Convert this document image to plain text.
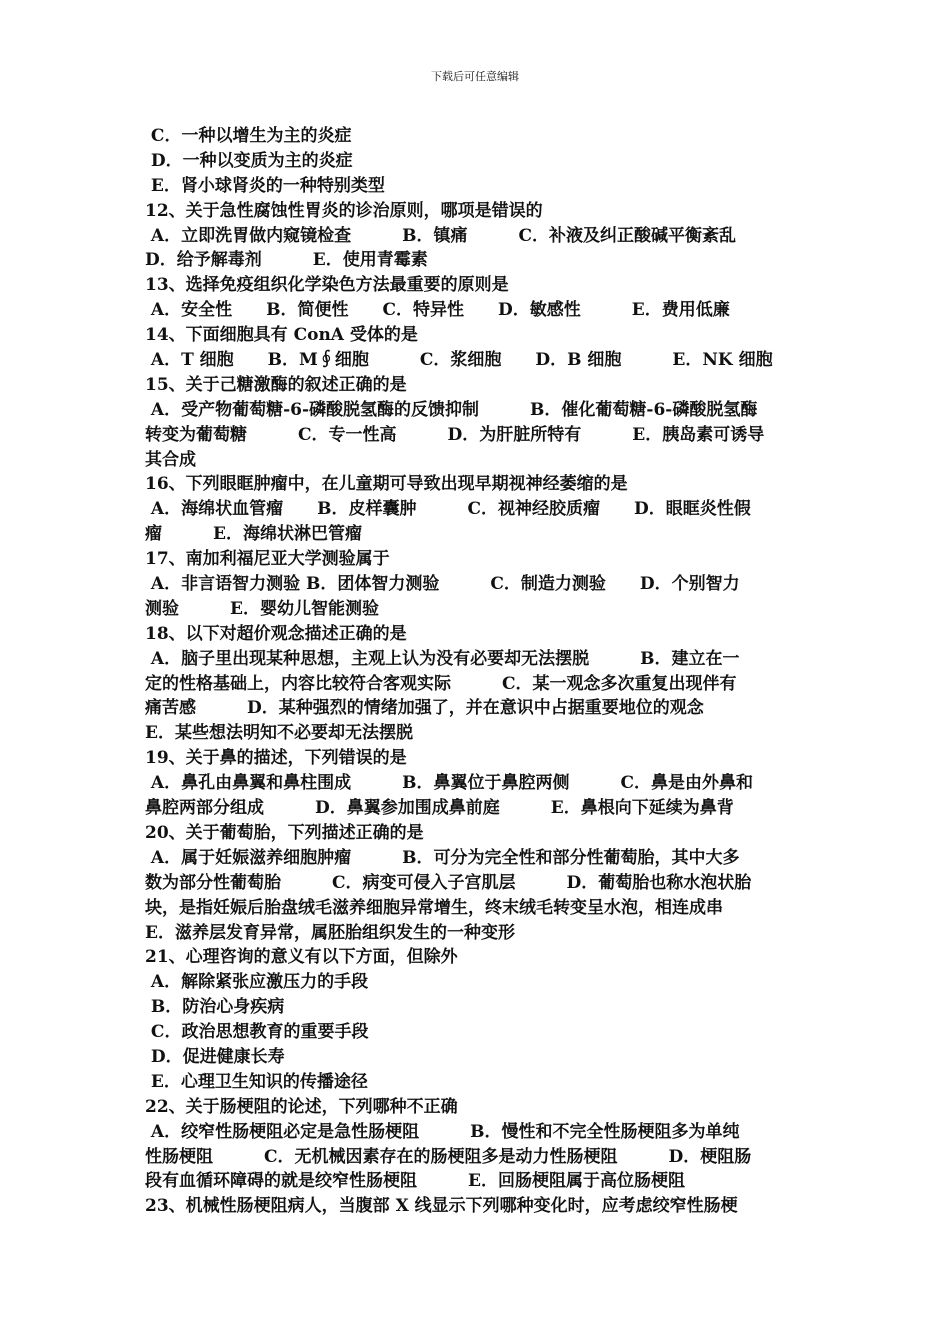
下载后可任意编辑
C．一种以增生为主的炎症
D．一种以变质为主的炎症
E．肾小球肾炎的一种特别类型
12、关于急性腐蚀性胃炎的诊治原则，哪项是错误的
A．立即洗胃做内窥镜检查　　　B．镇痛　　　C．补液及纠正酸碱平衡紊乱
D．给予解毒剂　　　E．使用青霉素
13、选择免疫组织化学染色方法最重要的原则是
A．安全性　　B．简便性　　C．特异性　　D．敏感性　　　E．费用低廉
14、下面细胞具有 ConA 受体的是
A．T 细胞　　B．M∮细胞　　　C．浆细胞　　D．B 细胞　　　E．NK 细胞
15、关于己糖激酶的叙述正确的是
A．受产物葡萄糖-6-磷酸脱氢酶的反馈抑制　　　B．催化葡萄糖-6-磷酸脱氢酶
转变为葡萄糖　　　C．专一性高　　　D．为肝脏所特有　　　E．胰岛素可诱导
其合成
16、下列眼眶肿瘤中，在儿童期可导致出现早期视神经萎缩的是
A．海绵状血管瘤　　B．皮样囊肿　　　C．视神经胶质瘤　　D．眼眶炎性假
瘤　　　E．海绵状淋巴管瘤
17、南加利福尼亚大学测验属于
A．非言语智力测验 B．团体智力测验　　　C．制造力测验　　D．个别智力
测验　　　E．婴幼儿智能测验
18、以下对超价观念描述正确的是
A．脑子里出现某种思想，主观上认为没有必要却无法摆脱　　　B．建立在一
定的性格基础上，内容比较符合客观实际　　　C．某一观念多次重复出现伴有
痛苦感　　　D．某种强烈的情绪加强了，并在意识中占据重要地位的观念
E．某些想法明知不必要却无法摆脱
19、关于鼻的描述，下列错误的是
A．鼻孔由鼻翼和鼻柱围成　　　B．鼻翼位于鼻腔两侧　　　C．鼻是由外鼻和
鼻腔两部分组成　　　D．鼻翼参加围成鼻前庭　　　E．鼻根向下延续为鼻背
20、关于葡萄胎，下列描述正确的是
A．属于妊娠滋养细胞肿瘤　　　B．可分为完全性和部分性葡萄胎，其中大多
数为部分性葡萄胎　　　C．病变可侵入子宫肌层　　　D．葡萄胎也称水泡状胎
块，是指妊娠后胎盘绒毛滋养细胞异常增生，终末绒毛转变呈水泡，相连成串
E．滋养层发育异常，属胚胎组织发生的一种变形
21、心理咨询的意义有以下方面，但除外
A．解除紧张应激压力的手段
B．防治心身疾病
C．政治思想教育的重要手段
D．促进健康长寿
E．心理卫生知识的传播途径
22、关于肠梗阻的论述，下列哪种不正确
A．绞窄性肠梗阻必定是急性肠梗阻　　　B．慢性和不完全性肠梗阻多为单纯
性肠梗阻　　　C．无机械因素存在的肠梗阻多是动力性肠梗阻　　　D．梗阻肠
段有血循环障碍的就是绞窄性肠梗阻　　　E．回肠梗阻属于高位肠梗阻
23、机械性肠梗阻病人，当腹部 X 线显示下列哪种变化时，应考虑绞窄性肠梗
